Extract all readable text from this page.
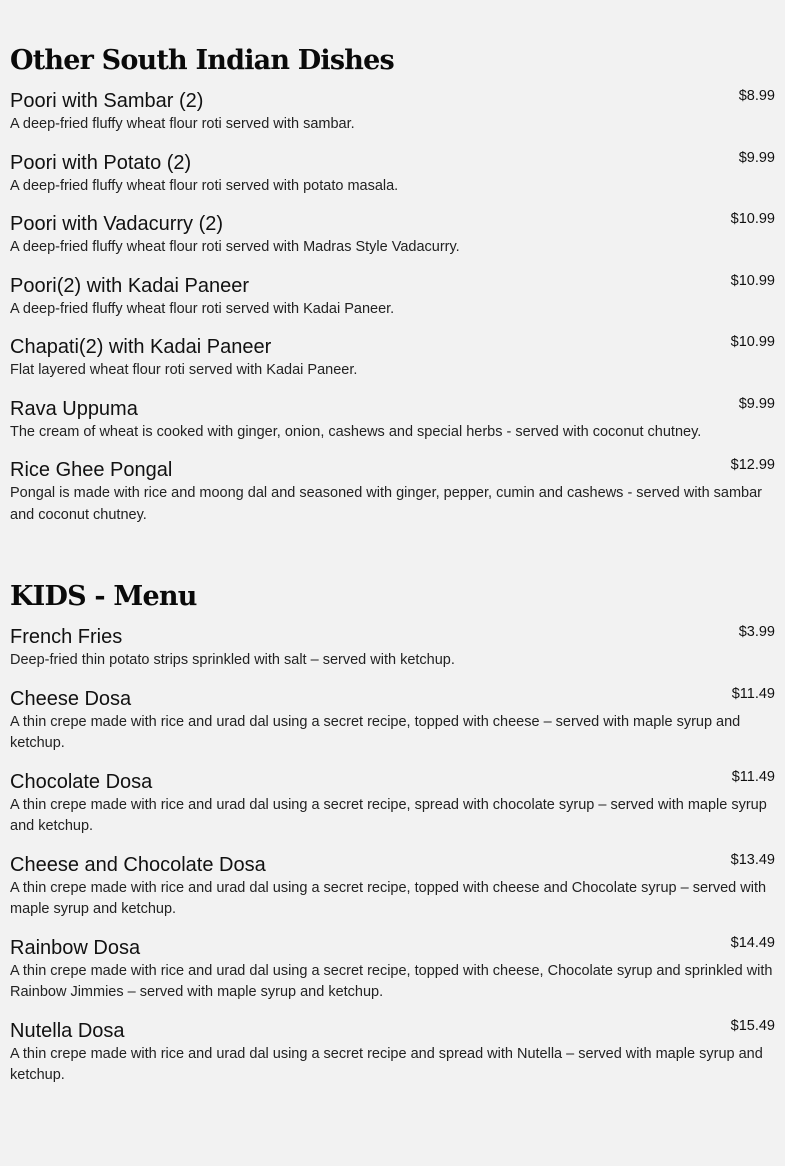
Other South Indian Dishes
Poori with Sambar (2)	$8.99
A deep-fried fluffy wheat flour roti served with sambar.
Poori with Potato (2)	$9.99
A deep-fried fluffy wheat flour roti served with potato masala.
Poori with Vadacurry (2)	$10.99
A deep-fried fluffy wheat flour roti served with Madras Style Vadacurry.
Poori(2) with Kadai Paneer	$10.99
A deep-fried fluffy wheat flour roti served with Kadai Paneer.
Chapati(2) with Kadai Paneer	$10.99
Flat layered wheat flour roti served with Kadai Paneer.
Rava Uppuma	$9.99
The cream of wheat is cooked with ginger, onion, cashews and special herbs - served with coconut chutney.
Rice Ghee Pongal	$12.99
Pongal is made with rice and moong dal and seasoned with ginger, pepper, cumin and cashews - served with sambar and coconut chutney.
KIDS - Menu
French Fries	$3.99
Deep-fried thin potato strips sprinkled with salt – served with ketchup.
Cheese Dosa	$11.49
A thin crepe made with rice and urad dal using a secret recipe, topped with cheese – served with maple syrup and ketchup.
Chocolate Dosa	$11.49
A thin crepe made with rice and urad dal using a secret recipe, spread with chocolate syrup – served with maple syrup and ketchup.
Cheese and Chocolate Dosa	$13.49
A thin crepe made with rice and urad dal using a secret recipe, topped with cheese and Chocolate syrup – served with maple syrup and ketchup.
Rainbow Dosa	$14.49
A thin crepe made with rice and urad dal using a secret recipe, topped with cheese, Chocolate syrup and sprinkled with Rainbow Jimmies – served with maple syrup and ketchup.
Nutella Dosa	$15.49
A thin crepe made with rice and urad dal using a secret recipe and spread with Nutella – served with maple syrup and ketchup.
